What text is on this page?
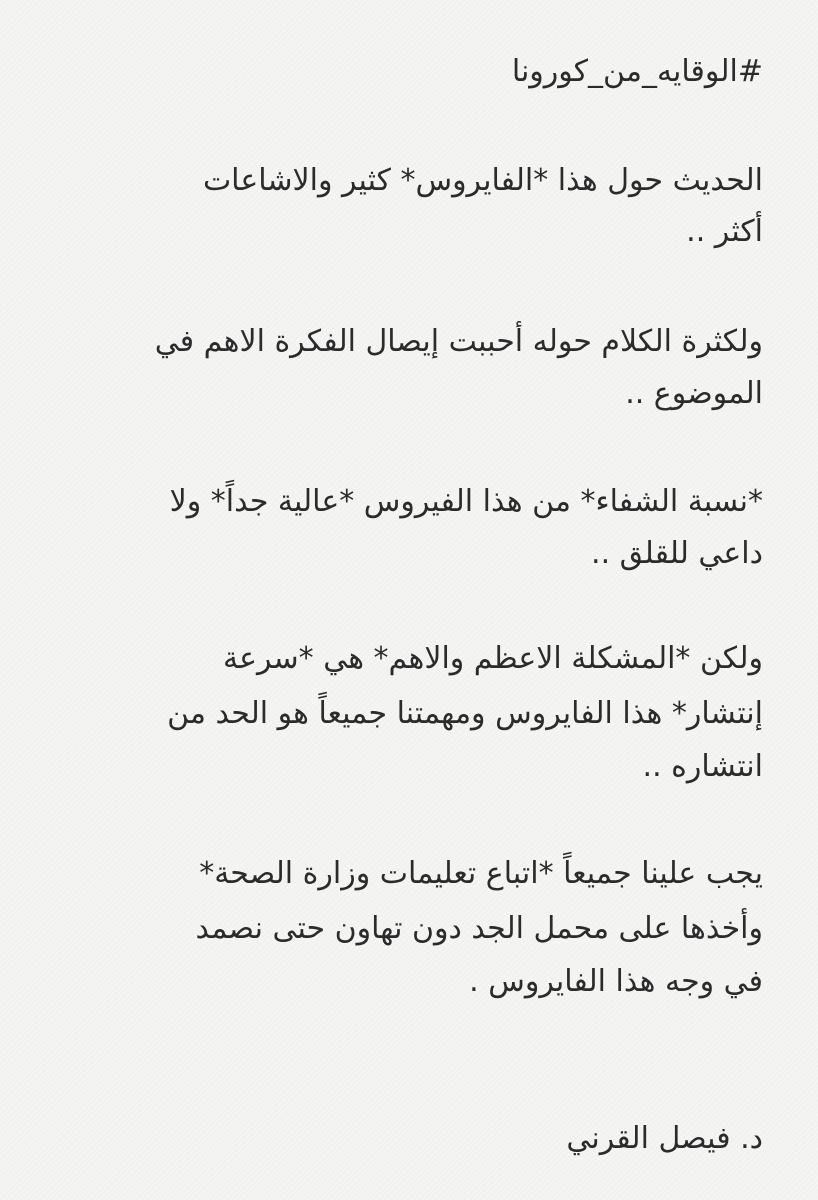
#الوقايه_من_كورونا
الحديث حول هذا *الفايروس* كثير والاشاعات
أكثر ..
ولكثرة الكلام حوله أحببت إيصال الفكرة الاهم في
الموضوع ..
*نسبة الشفاء* من هذا الفيروس *عالية جداً* ولا
داعي للقلق ..
ولكن *المشكلة الاعظم والاهم* هي *سرعة
إنتشار* هذا الفايروس ومهمتنا جميعاً هو الحد من
انتشاره ..
يجب علينا جميعاً *اتباع تعليمات وزارة الصحة*
وأخذها على محمل الجد دون تهاون حتى نصمد
في وجه هذا الفايروس .
د. فيصل القرني
